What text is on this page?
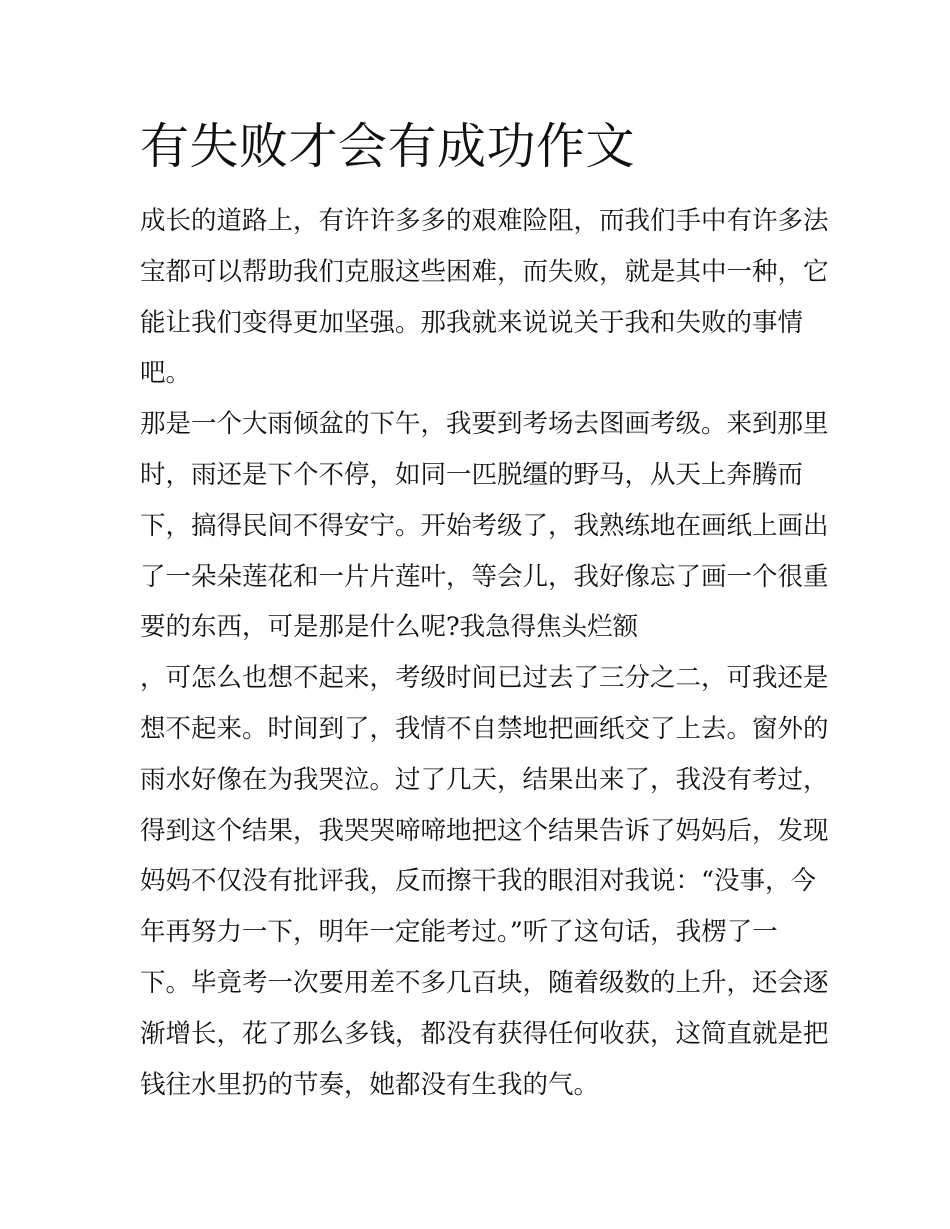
有失败才会有成功作文
成长的道路上，有许许多多的艰难险阻，而我们手中有许多法
宝都可以帮助我们克服这些困难，而失败，就是其中一种，它
能让我们变得更加坚强。那我就来说说关于我和失败的事情
吧。
那是一个大雨倾盆的下午，我要到考场去图画考级。来到那里
时，雨还是下个不停，如同一匹脱缰的野马，从天上奔腾而
下，搞得民间不得安宁。开始考级了，我熟练地在画纸上画出
了一朵朵莲花和一片片莲叶，等会儿，我好像忘了画一个很重
要的东西，可是那是什么呢?我急得焦头烂额
，可怎么也想不起来，考级时间已过去了三分之二，可我还是
想不起来。时间到了，我情不自禁地把画纸交了上去。窗外的
雨水好像在为我哭泣。过了几天，结果出来了，我没有考过，
得到这个结果，我哭哭啼啼地把这个结果告诉了妈妈后，发现
妈妈不仅没有批评我，反而擦干我的眼泪对我说：“没事，今
年再努力一下，明年一定能考过。”听了这句话，我楞了一
下。毕竟考一次要用差不多几百块，随着级数的上升，还会逐
渐增长，花了那么多钱，都没有获得任何收获，这简直就是把
钱往水里扔的节奏，她都没有生我的气。
